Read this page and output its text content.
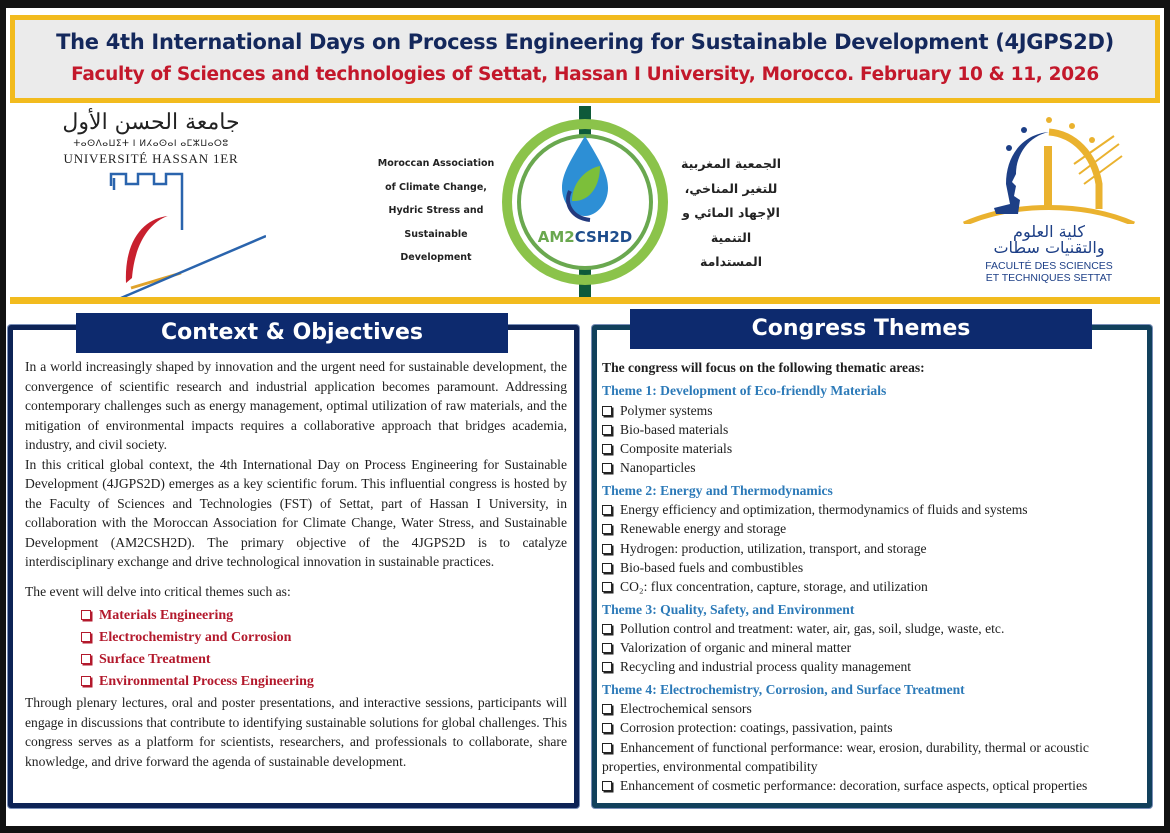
The 4th International Days on Process Engineering for Sustainable Development (4JGPS2D)
Faculty of Sciences and technologies of Settat, Hassan I University, Morocco. February 10 & 11, 2026
جامعة الحسن الأول
ⵜⴰⵙⴷⴰⵡⵉⵜ ⵏ ⵍⵃⴰⵙⴰⵏ ⴰⵎⵣⵡⴰⵔⵓ
UNIVERSITÉ HASSAN 1ER	Moroccan Association
of Climate Change,
Hydric Stress and
Sustainable
Development
AM2CSH2D
الجمعية المغربية
للتغير المناخي،
الإجهاد المائي و
التنمية
المستدامة
كلية العلوم
والتقنيات سطات
FACULTÉ DES SCIENCES
ET TECHNIQUES SETTAT
Context & Objectives

In a world increasingly shaped by innovation and the urgent need for sustainable development, the convergence of scientific research and industrial application becomes paramount. Addressing contemporary challenges such as energy management, optimal utilization of raw materials, and the mitigation of environmental impacts requires a collaborative approach that bridges academia, industry, and civil society.

In this critical global context, the 4th International Day on Process Engineering for Sustainable Development (4JGPS2D) emerges as a key scientific forum. This influential congress is hosted by the Faculty of Sciences and Technologies (FST) of Settat, part of Hassan I University, in collaboration with the Moroccan Association for Climate Change, Water Stress, and Sustainable Development (AM2CSH2D). The primary objective of the 4JGPS2D is to catalyze interdisciplinary exchange and drive technological innovation in sustainable practices.

The event will delve into critical themes such as:

Materials Engineering
Electrochemistry and Corrosion
Surface Treatment
Environmental Process Engineering

Through plenary lectures, oral and poster presentations, and interactive sessions, participants will engage in discussions that contribute to identifying sustainable solutions for global challenges. This congress serves as a platform for scientists, researchers, and professionals to collaborate, share knowledge, and drive forward the agenda of sustainable development.

Congress Themes
The congress will focus on the following thematic areas:
Theme 1: Development of Eco-friendly Materials
Polymer systems
Bio-based materials
Composite materials
Nanoparticles
Theme 2: Energy and Thermodynamics
Energy efficiency and optimization, thermodynamics of fluids and systems
Renewable energy and storage
Hydrogen: production, utilization, transport, and storage
Bio-based fuels and combustibles
CO₂: flux concentration, capture, storage, and utilization
Theme 3: Quality, Safety, and Environment
Pollution control and treatment: water, air, gas, soil, sludge, waste, etc.
Valorization of organic and mineral matter
Recycling and industrial process quality management
Theme 4: Electrochemistry, Corrosion, and Surface Treatment
Electrochemical sensors
Corrosion protection: coatings, passivation, paints
Enhancement of functional performance: wear, erosion, durability, thermal or acoustic properties, environmental compatibility
Enhancement of cosmetic performance: decoration, surface aspects, optical properties
